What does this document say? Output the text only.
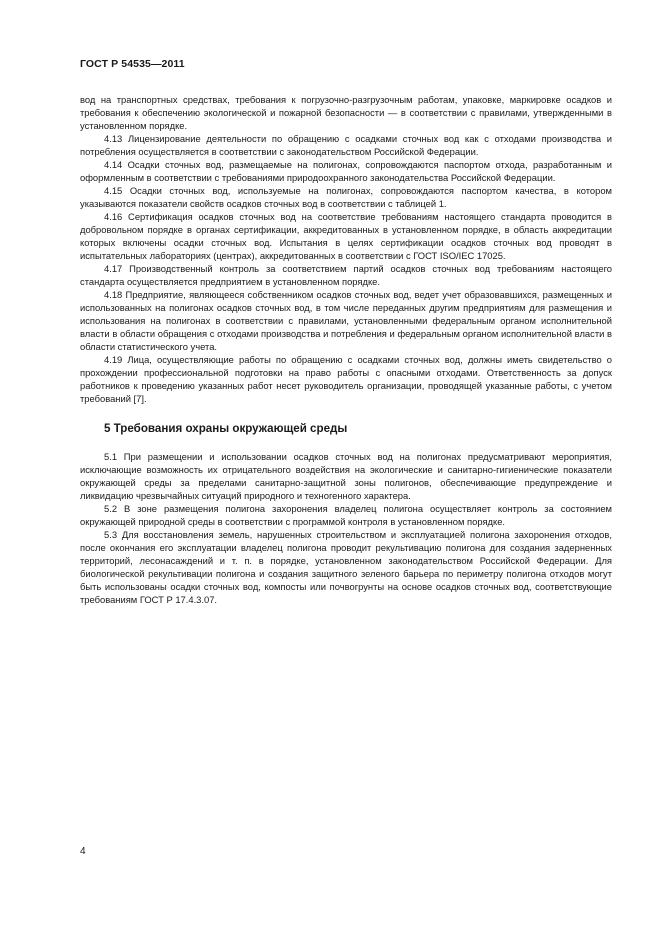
ГОСТ Р 54535—2011

вод на транспортных средствах, требования к погрузочно-разгрузочным работам, упаковке, маркировке осадков и требования к обеспечению экологической и пожарной безопасности — в соответствии с правилами, утвержденными в установленном порядке.

4.13 Лицензирование деятельности по обращению с осадками сточных вод как с отходами производства и потребления осуществляется в соответствии с законодательством Российской Федерации.

4.14 Осадки сточных вод, размещаемые на полигонах, сопровождаются паспортом отхода, разработанным и оформленным в соответствии с требованиями природоохранного законодательства Российской Федерации.

4.15 Осадки сточных вод, используемые на полигонах, сопровождаются паспортом качества, в котором указываются показатели свойств осадков сточных вод в соответствии с таблицей 1.

4.16 Сертификация осадков сточных вод на соответствие требованиям настоящего стандарта проводится в добровольном порядке в органах сертификации, аккредитованных в установленном порядке, в область аккредитации которых включены осадки сточных вод. Испытания в целях сертификации осадков сточных вод проводят в испытательных лабораториях (центрах), аккредитованных в соответствии с ГОСТ ISO/IEC 17025.

4.17 Производственный контроль за соответствием партий осадков сточных вод требованиям настоящего стандарта осуществляется предприятием в установленном порядке.

4.18 Предприятие, являющееся собственником осадков сточных вод, ведет учет образовавшихся, размещенных и использованных на полигонах осадков сточных вод, в том числе переданных другим предприятиям для размещения и использования на полигонах в соответствии с правилами, установленными федеральным органом исполнительной власти в области обращения с отходами производства и потребления и федеральным органом исполнительной власти в области статистического учета.

4.19 Лица, осуществляющие работы по обращению с осадками сточных вод, должны иметь свидетельство о прохождении профессиональной подготовки на право работы с опасными отходами. Ответственность за допуск работников к проведению указанных работ несет руководитель организации, проводящей указанные работы, с учетом требований [7].

5 Требования охраны окружающей среды

5.1 При размещении и использовании осадков сточных вод на полигонах предусматривают мероприятия, исключающие возможность их отрицательного воздействия на экологические и санитарно-гигиенические показатели окружающей среды за пределами санитарно-защитной зоны полигонов, обеспечивающие предупреждение и ликвидацию чрезвычайных ситуаций природного и техногенного характера.

5.2 В зоне размещения полигона захоронения владелец полигона осуществляет контроль за состоянием окружающей природной среды в соответствии с программой контроля в установленном порядке.

5.3 Для восстановления земель, нарушенных строительством и эксплуатацией полигона захоронения отходов, после окончания его эксплуатации владелец полигона проводит рекультивацию полигона для создания задерненных территорий, лесонасаждений и т. п. в порядке, установленном законодательством Российской Федерации. Для биологической рекультивации полигона и создания защитного зеленого барьера по периметру полигона отходов могут быть использованы осадки сточных вод, компосты или почвогрунты на основе осадков сточных вод, соответствующие требованиям ГОСТ Р 17.4.3.07.

4
